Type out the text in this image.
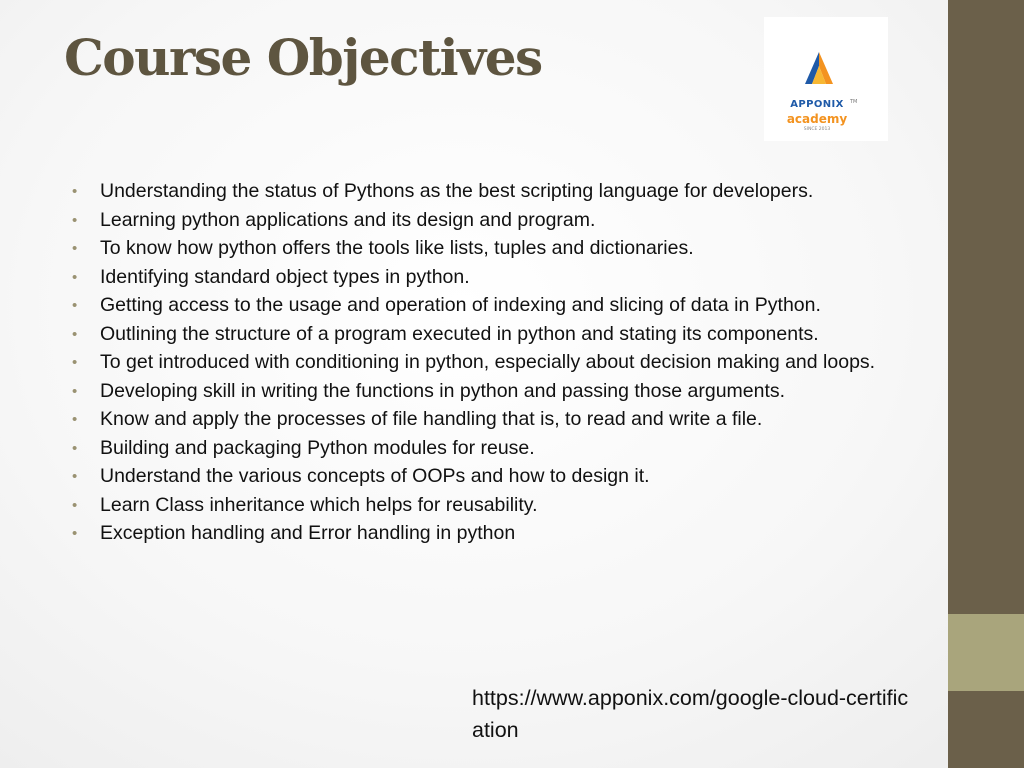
Course Objectives
APPONIX	TM
academy
SINCE 2013
• Understanding the status of Pythons as the best scripting language for developers.
• Learning python applications and its design and program.
• To know how python offers the tools like lists, tuples and dictionaries.
• Identifying standard object types in python.
• Getting access to the usage and operation of indexing and slicing of data in Python.
• Outlining the structure of a program executed in python and stating its components.
• To get introduced with conditioning in python, especially about decision making and loops.
• Developing skill in writing the functions in python and passing those arguments.
• Know and apply the processes of file handling that is, to read and write a file.
• Building and packaging Python modules for reuse.
• Understand the various concepts of OOPs and how to design it.
• Learn Class inheritance which helps for reusability.
• Exception handling and Error handling in python
https://www.apponix.com/google-cloud-certification
